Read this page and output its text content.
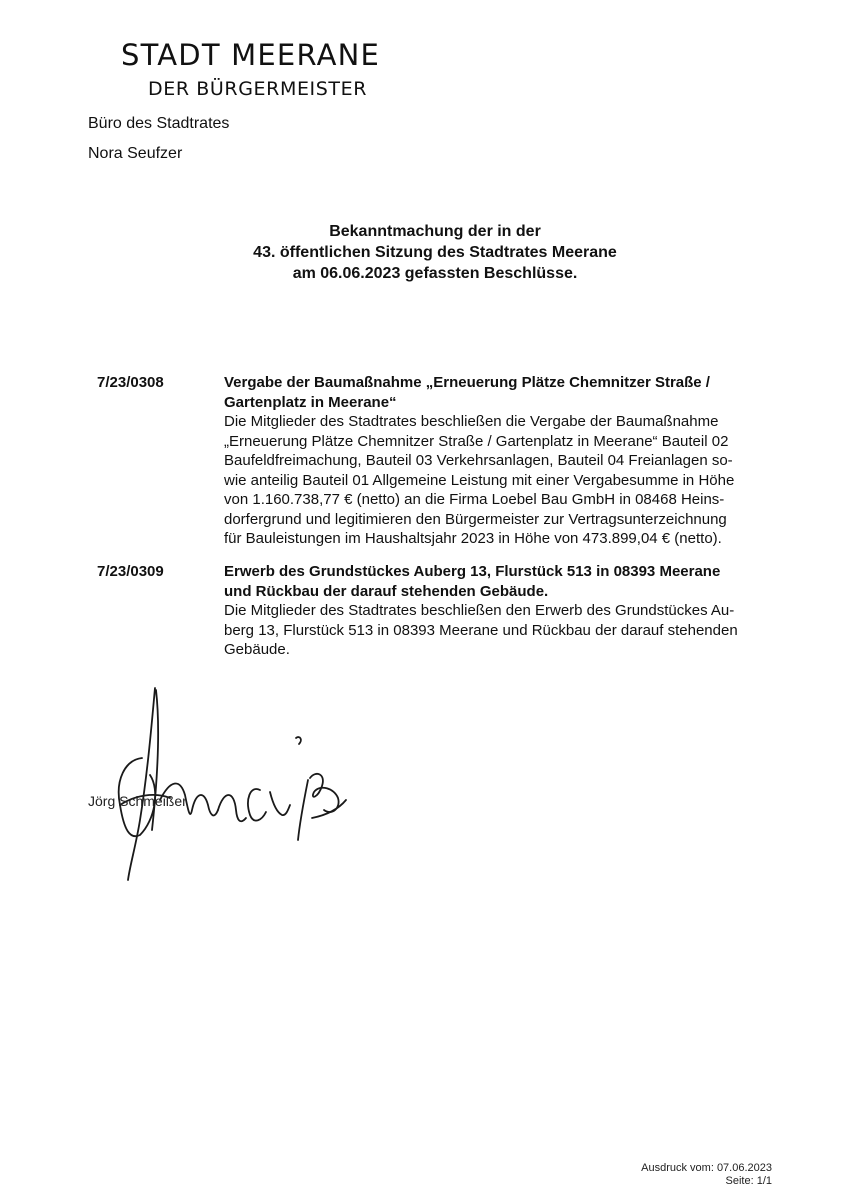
STADT MEERANE
DER BÜRGERMEISTER
Büro des Stadtrates
Nora Seufzer
Bekanntmachung der in der
43. öffentlichen Sitzung des Stadtrates Meerane
am 06.06.2023 gefassten Beschlüsse.
7/23/0308	Vergabe der Baumaßnahme „Erneuerung Plätze Chemnitzer Straße /
Gartenplatz in Meerane“
Die Mitglieder des Stadtrates beschließen die Vergabe der Baumaßnahme
„Erneuerung Plätze Chemnitzer Straße / Gartenplatz in Meerane“ Bauteil 02
Baufeldfreimachung, Bauteil 03 Verkehrsanlagen, Bauteil 04 Freianlagen so-
wie anteilig Bauteil 01 Allgemeine Leistung mit einer Vergabesumme in Höhe
von 1.160.738,77 € (netto) an die Firma Loebel Bau GmbH in 08468 Heins-
dorfergrund und legitimieren den Bürgermeister zur Vertragsunterzeichnung
für Bauleistungen im Haushaltsjahr 2023 in Höhe von 473.899,04 € (netto).
7/23/0309	Erwerb des Grundstückes Auberg 13, Flurstück 513 in 08393 Meerane
und Rückbau der darauf stehenden Gebäude.
Die Mitglieder des Stadtrates beschließen den Erwerb des Grundstückes Au-
berg 13, Flurstück 513 in 08393 Meerane und Rückbau der darauf stehenden
Gebäude.
Jörg Schmeißer
Ausdruck vom: 07.06.2023
Seite: 1/1
